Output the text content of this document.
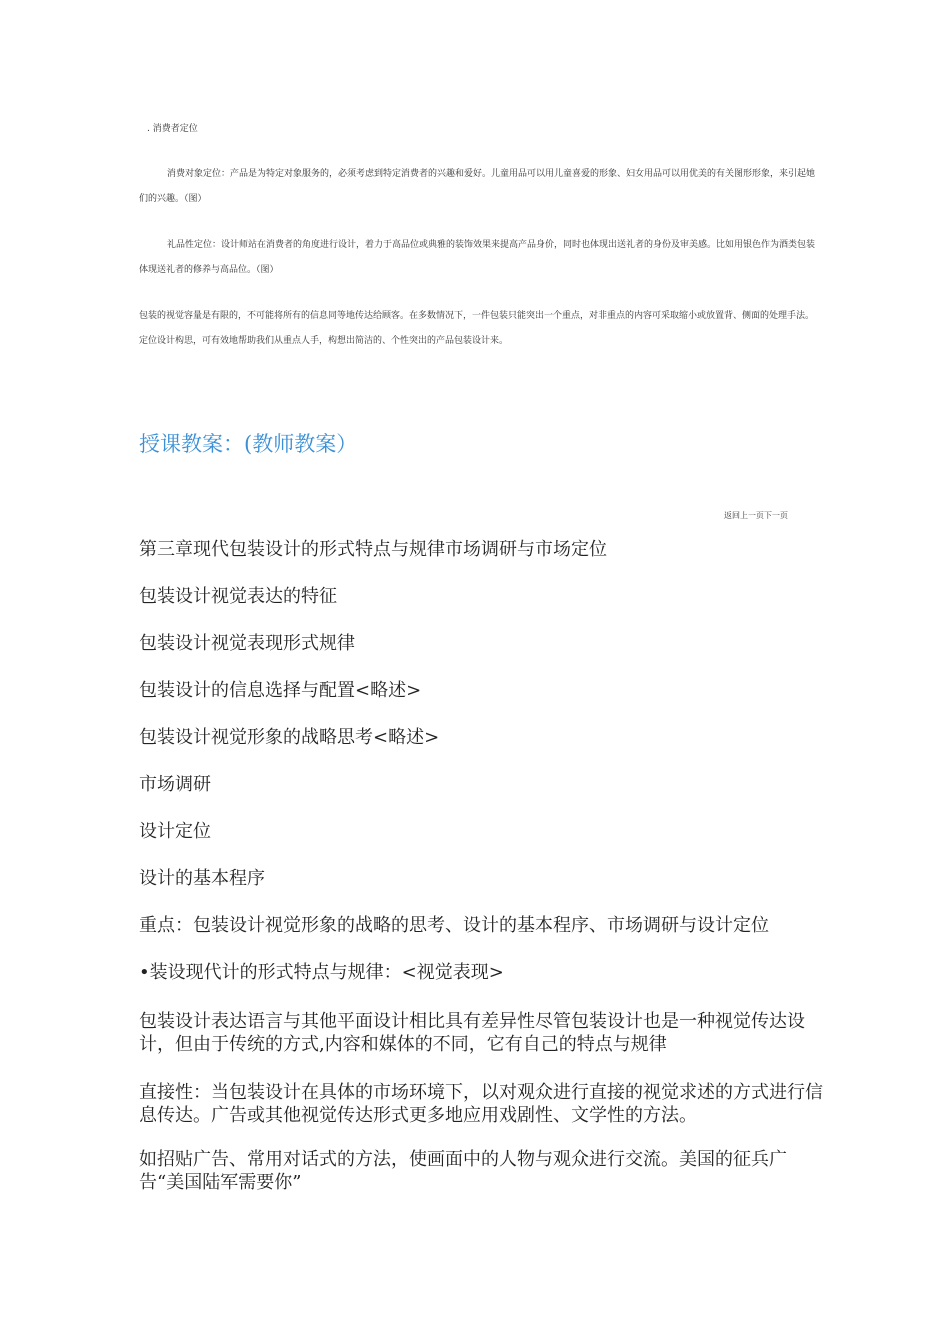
. 消费者定位
消费对象定位：产品是为特定对象服务的，必须考虑到特定消费者的兴趣和爱好。儿童用品可以用儿童喜爱的形象、妇女用品可以用优美的有关图形形象，来引起她们的兴趣。（图）
礼品性定位：设计师站在消费者的角度进行设计，着力于高品位或典雅的装饰效果来提高产品身价，同时也体现出送礼者的身份及审美感。比如用银色作为酒类包装体现送礼者的修养与高品位。（图）
包装的视觉容量是有限的，不可能将所有的信息同等地传达给顾客。在多数情况下，一件包装只能突出一个重点，对非重点的内容可采取缩小或放置背、侧面的处理手法。定位设计构思，可有效地帮助我们从重点人手，构想出简洁的、个性突出的产品包装设计来。
授课教案：(教师教案）
返回上一页下一页
第三章现代包装设计的形式特点与规律市场调研与市场定位
包装设计视觉表达的特征
包装设计视觉表现形式规律
包装设计的信息选择与配置<略述>
包装设计视觉形象的战略思考<略述>
市场调研
设计定位
设计的基本程序
重点：包装设计视觉形象的战略的思考、设计的基本程序、市场调研与设计定位
•装设现代计的形式特点与规律：<视觉表现>
包装设计表达语言与其他平面设计相比具有差异性尽管包装设计也是一种视觉传达设计，但由于传统的方式,内容和媒体的不同，它有自己的特点与规律
直接性：当包装设计在具体的市场环境下，以对观众进行直接的视觉求述的方式进行信息传达。广告或其他视觉传达形式更多地应用戏剧性、文学性的方法。
如招贴广告、常用对话式的方法，使画面中的人物与观众进行交流。美国的征兵广告“美国陆军需要你”
